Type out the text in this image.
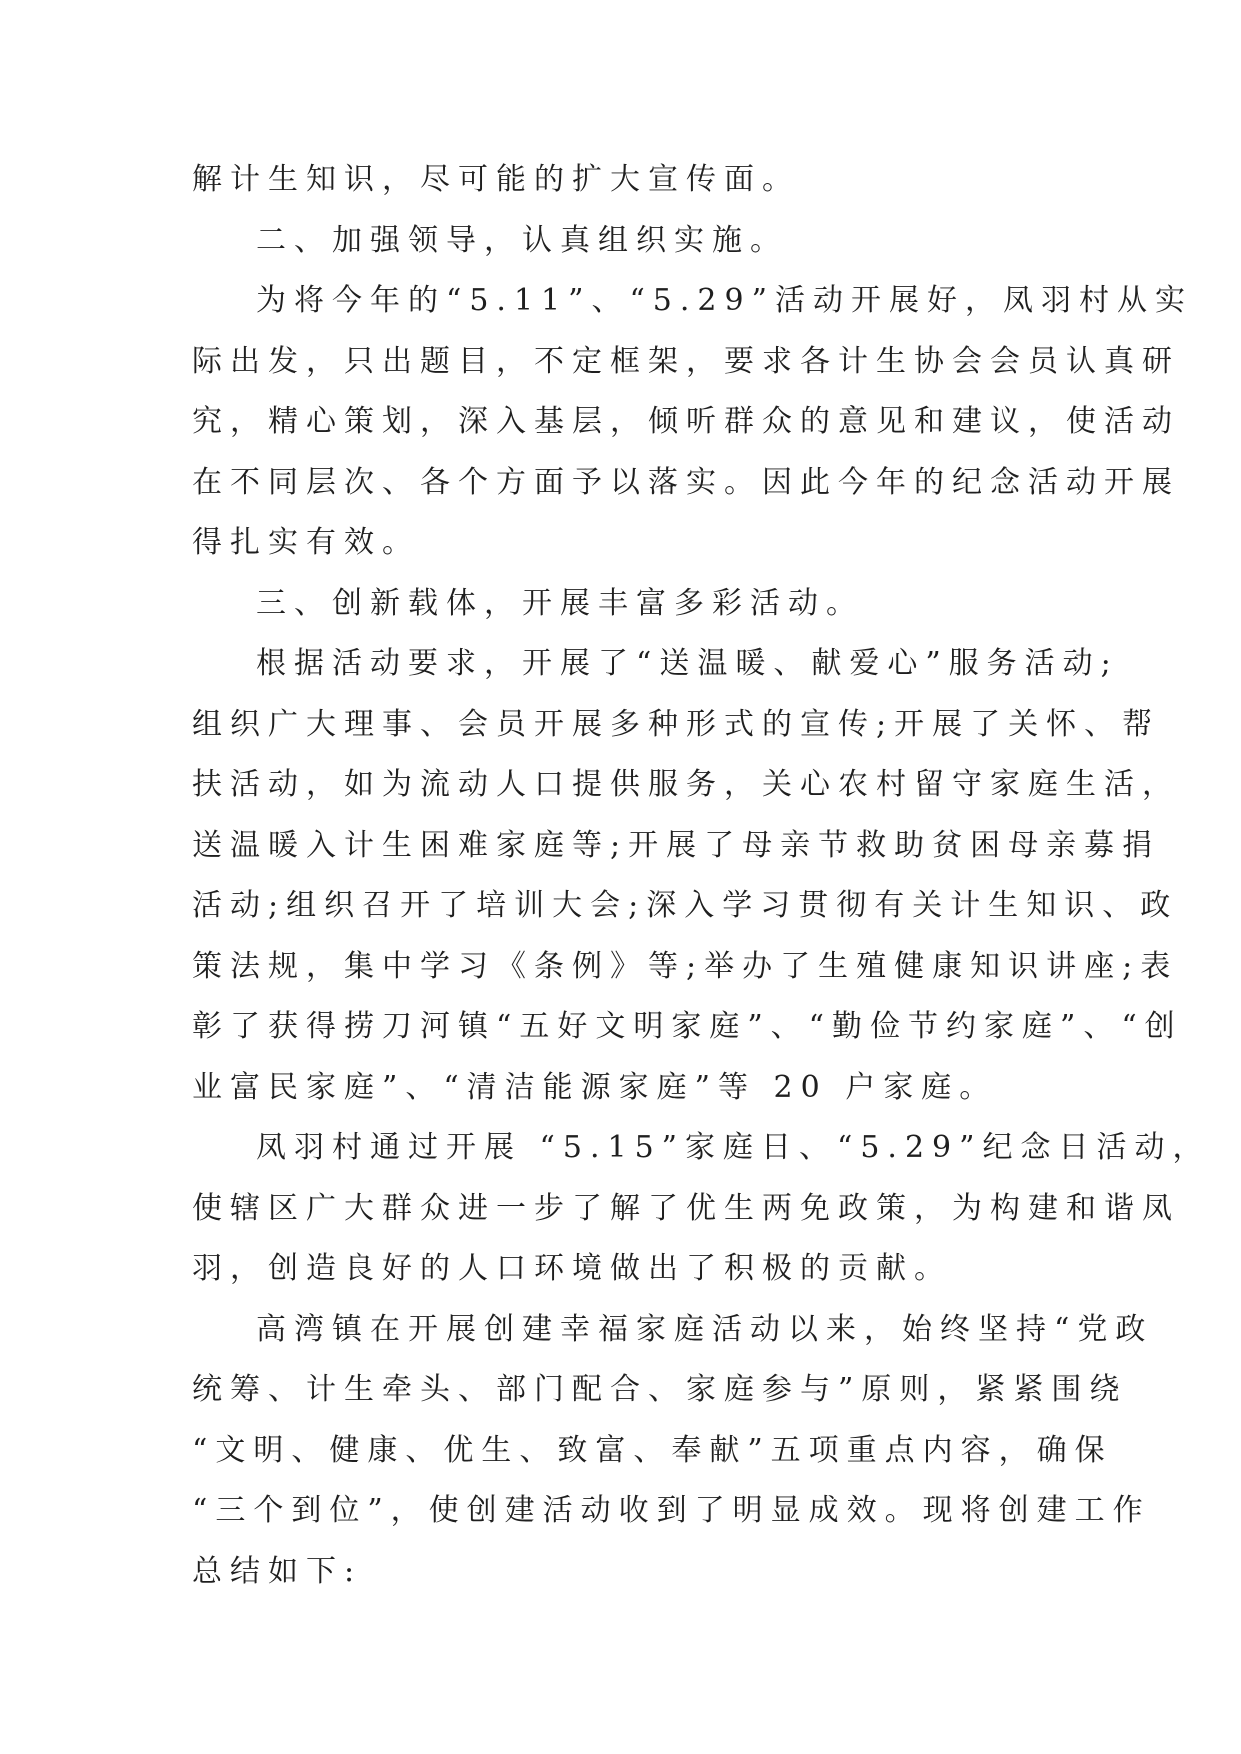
解计生知识，尽可能的扩大宣传面。
二、加强领导，认真组织实施。
为将今年的“5.11”、“5.29”活动开展好，凤羽村从实
际出发，只出题目，不定框架，要求各计生协会会员认真研
究，精心策划，深入基层，倾听群众的意见和建议，使活动
在不同层次、各个方面予以落实。因此今年的纪念活动开展
得扎实有效。
三、创新载体，开展丰富多彩活动。
根据活动要求，开展了“送温暖、献爱心”服务活动;
组织广大理事、会员开展多种形式的宣传;开展了关怀、帮
扶活动，如为流动人口提供服务，关心农村留守家庭生活，
送温暖入计生困难家庭等;开展了母亲节救助贫困母亲募捐
活动;组织召开了培训大会;深入学习贯彻有关计生知识、政
策法规，集中学习《条例》等;举办了生殖健康知识讲座;表
彰了获得捞刀河镇“五好文明家庭”、“勤俭节约家庭”、“创
业富民家庭”、“清洁能源家庭”等 20 户家庭。
凤羽村通过开展 “5.15”家庭日、“5.29”纪念日活动，
使辖区广大群众进一步了解了优生两免政策，为构建和谐凤
羽，创造良好的人口环境做出了积极的贡献。
高湾镇在开展创建幸福家庭活动以来，始终坚持“党政
统筹、计生牵头、部门配合、家庭参与”原则，紧紧围绕
“文明、健康、优生、致富、奉献”五项重点内容，确保
“三个到位”，使创建活动收到了明显成效。现将创建工作
总结如下:
